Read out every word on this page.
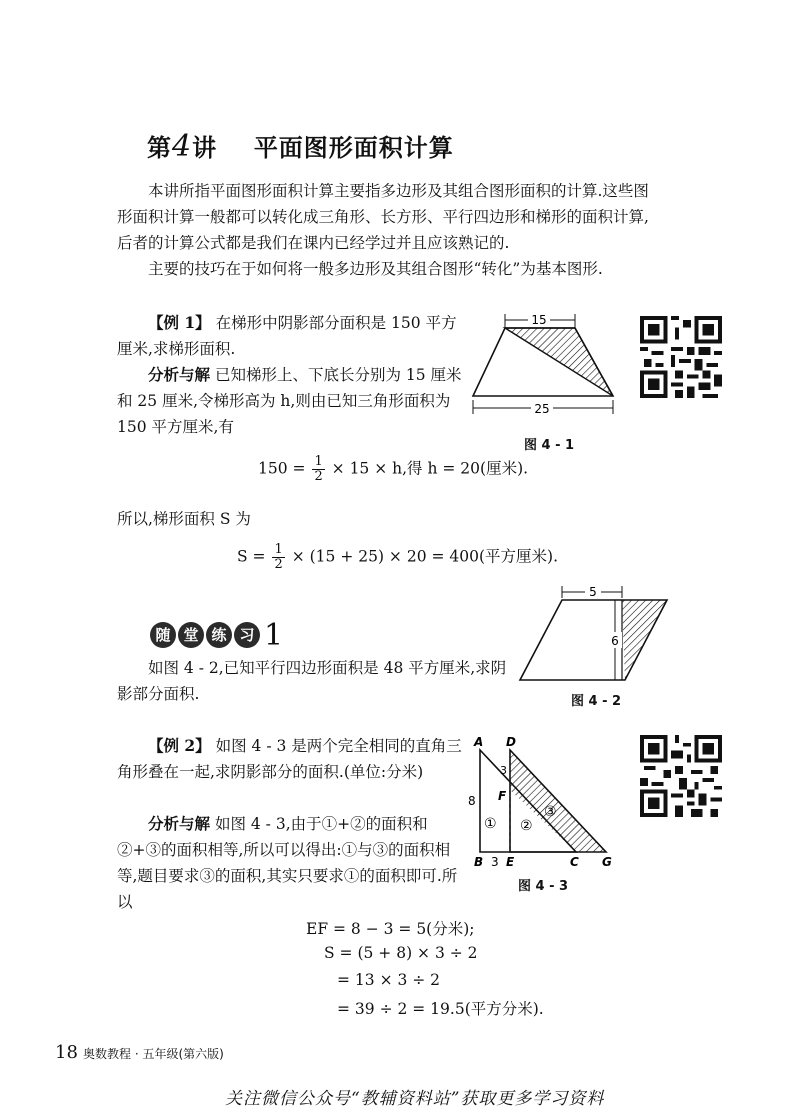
第4讲 平面图形面积计算

本讲所指平面图形面积计算主要指多边形及其组合图形面积的计算.这些图形面积计算一般都可以转化成三角形、长方形、平行四边形和梯形的面积计算,后者的计算公式都是我们在课内已经学过并且应该熟记的.

主要的技巧在于如何将一般多边形及其组合图形“转化”为基本图形.

【例 1】 在梯形中阴影部分面积是 150 平方厘米,求梯形面积.
分析与解 已知梯形上、下底长分别为 15 厘米和 25 厘米,令梯形高为 h,则由已知三角形面积为 150 平方厘米,有
15
25
图 4 - 1
$150 = \frac{1}{2} \times 15 \times h$,得 h = 20(厘米).
所以,梯形面积 S 为
$S = \frac{1}{2} \times (15 + 25) \times 20 = 400$(平方厘米).
随 堂 练 习 1
如图 4 - 2,已知平行四边形面积是 48 平方厘米,求阴影部分面积.
5
6
图 4 - 2
【例 2】 如图 4 - 3 是两个完全相同的直角三角形叠在一起,求阴影部分的面积.(单位:分米)
分析与解 如图 4 - 3,由于①+②的面积和②+③的面积相等,所以可以得出:①与③的面积相等,题目要求③的面积,其实只要求①的面积即可.所以
A D
8
3
F
① ②
③
B 3 E	C G
图 4 - 3
EF = 8 − 3 = 5(分米);
S = (5 + 8) × 3 ÷ 2
= 13 × 3 ÷ 2
= 39 ÷ 2 = 19.5(平方分米).
18 奥数教程 · 五年级(第六版)
关注微信公众号“教辅资料站”获取更多学习资料
